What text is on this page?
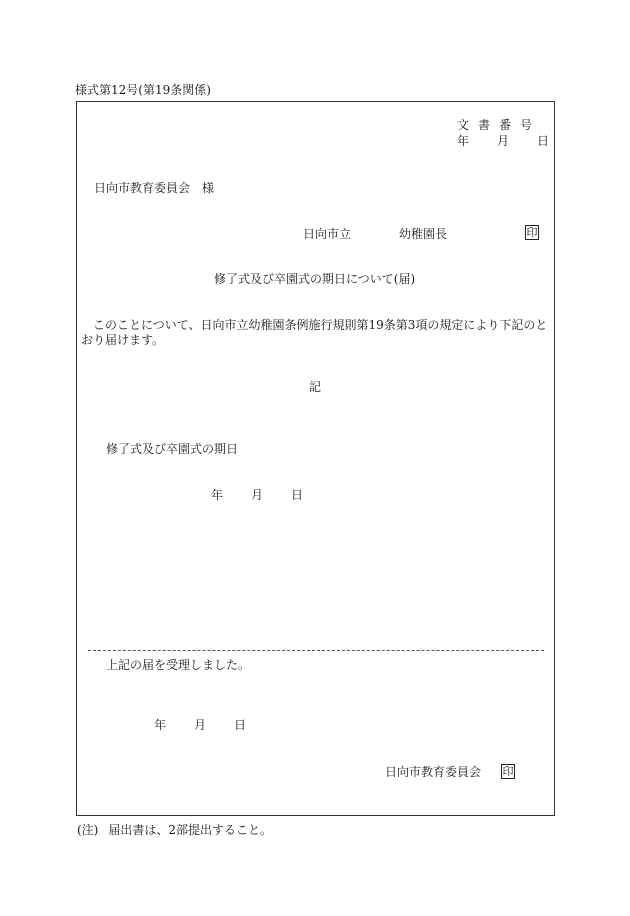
様式第12号(第19条関係)
文書番号
年 月 日
日向市教育委員会　様
日向市立	幼稚園長	印
修了式及び卒園式の期日について(届)
このことについて、日向市立幼稚園条例施行規則第19条第3項の規定により下記のとおり届けます。
記
修了式及び卒園式の期日
年 月 日
上記の届を受理しました。
年 月 日
日向市教育委員会 印
(注) 届出書は、2部提出すること。
